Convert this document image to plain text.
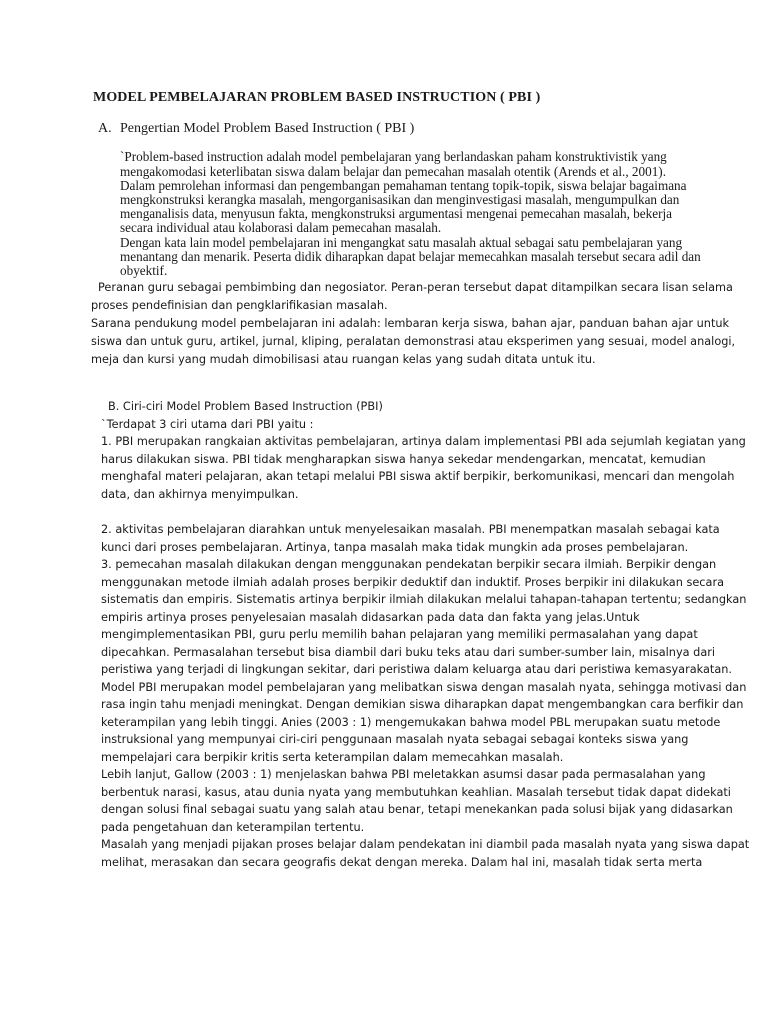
MODEL PEMBELAJARAN PROBLEM BASED INSTRUCTION ( PBI )
A. Pengertian Model Problem Based Instruction ( PBI )
`Problem-based instruction adalah model pembelajaran yang berlandaskan paham konstruktivistik yang
mengakomodasi keterlibatan siswa dalam belajar dan pemecahan masalah otentik (Arends et al., 2001).
Dalam pemrolehan informasi dan pengembangan pemahaman tentang topik-topik, siswa belajar bagaimana
mengkonstruksi kerangka masalah, mengorganisasikan dan menginvestigasi masalah, mengumpulkan dan
menganalisis data, menyusun fakta, mengkonstruksi argumentasi mengenai pemecahan masalah, bekerja
secara individual atau kolaborasi dalam pemecahan masalah.
Dengan kata lain model pembelajaran ini mengangkat satu masalah aktual sebagai satu pembelajaran yang
menantang dan menarik. Peserta didik diharapkan dapat belajar memecahkan masalah tersebut secara adil dan
obyektif.
Peranan guru sebagai pembimbing dan negosiator. Peran-peran tersebut dapat ditampilkan secara lisan selama
proses pendefinisian dan pengklarifikasian masalah.
Sarana pendukung model pembelajaran ini adalah: lembaran kerja siswa, bahan ajar, panduan bahan ajar untuk
siswa dan untuk guru, artikel, jurnal, kliping, peralatan demonstrasi atau eksperimen yang sesuai, model analogi,
meja dan kursi yang mudah dimobilisasi atau ruangan kelas yang sudah ditata untuk itu.
B. Ciri-ciri Model Problem Based Instruction (PBI)
`Terdapat 3 ciri utama dari PBI yaitu :
1. PBI merupakan rangkaian aktivitas pembelajaran, artinya dalam implementasi PBI ada sejumlah kegiatan yang
harus dilakukan siswa. PBI tidak mengharapkan siswa hanya sekedar mendengarkan, mencatat, kemudian
menghafal materi pelajaran, akan tetapi melalui PBI siswa aktif berpikir, berkomunikasi, mencari dan mengolah
data, dan akhirnya menyimpulkan.
2. aktivitas pembelajaran diarahkan untuk menyelesaikan masalah. PBI menempatkan masalah sebagai kata
kunci dari proses pembelajaran. Artinya, tanpa masalah maka tidak mungkin ada proses pembelajaran.
3. pemecahan masalah dilakukan dengan menggunakan pendekatan berpikir secara ilmiah. Berpikir dengan
menggunakan metode ilmiah adalah proses berpikir deduktif dan induktif. Proses berpikir ini dilakukan secara
sistematis dan empiris. Sistematis artinya berpikir ilmiah dilakukan melalui tahapan-tahapan tertentu; sedangkan
empiris artinya proses penyelesaian masalah didasarkan pada data dan fakta yang jelas.Untuk
mengimplementasikan PBI, guru perlu memilih bahan pelajaran yang memiliki permasalahan yang dapat
dipecahkan. Permasalahan tersebut bisa diambil dari buku teks atau dari sumber-sumber lain, misalnya dari
peristiwa yang terjadi di lingkungan sekitar, dari peristiwa dalam keluarga atau dari peristiwa kemasyarakatan.
Model PBI merupakan model pembelajaran yang melibatkan siswa dengan masalah nyata, sehingga motivasi dan
rasa ingin tahu menjadi meningkat. Dengan demikian siswa diharapkan dapat mengembangkan cara berfikir dan
keterampilan yang lebih tinggi. Anies (2003 : 1) mengemukakan bahwa model PBL merupakan suatu metode
instruksional yang mempunyai ciri-ciri penggunaan masalah nyata sebagai sebagai konteks siswa yang
mempelajari cara berpikir kritis serta keterampilan dalam memecahkan masalah.
Lebih lanjut, Gallow (2003 : 1) menjelaskan bahwa PBI meletakkan asumsi dasar pada permasalahan yang
berbentuk narasi, kasus, atau dunia nyata yang membutuhkan keahlian. Masalah tersebut tidak dapat didekati
dengan solusi final sebagai suatu yang salah atau benar, tetapi menekankan pada solusi bijak yang didasarkan
pada pengetahuan dan keterampilan tertentu.
Masalah yang menjadi pijakan proses belajar dalam pendekatan ini diambil pada masalah nyata yang siswa dapat
melihat, merasakan dan secara geografis dekat dengan mereka. Dalam hal ini, masalah tidak serta merta
